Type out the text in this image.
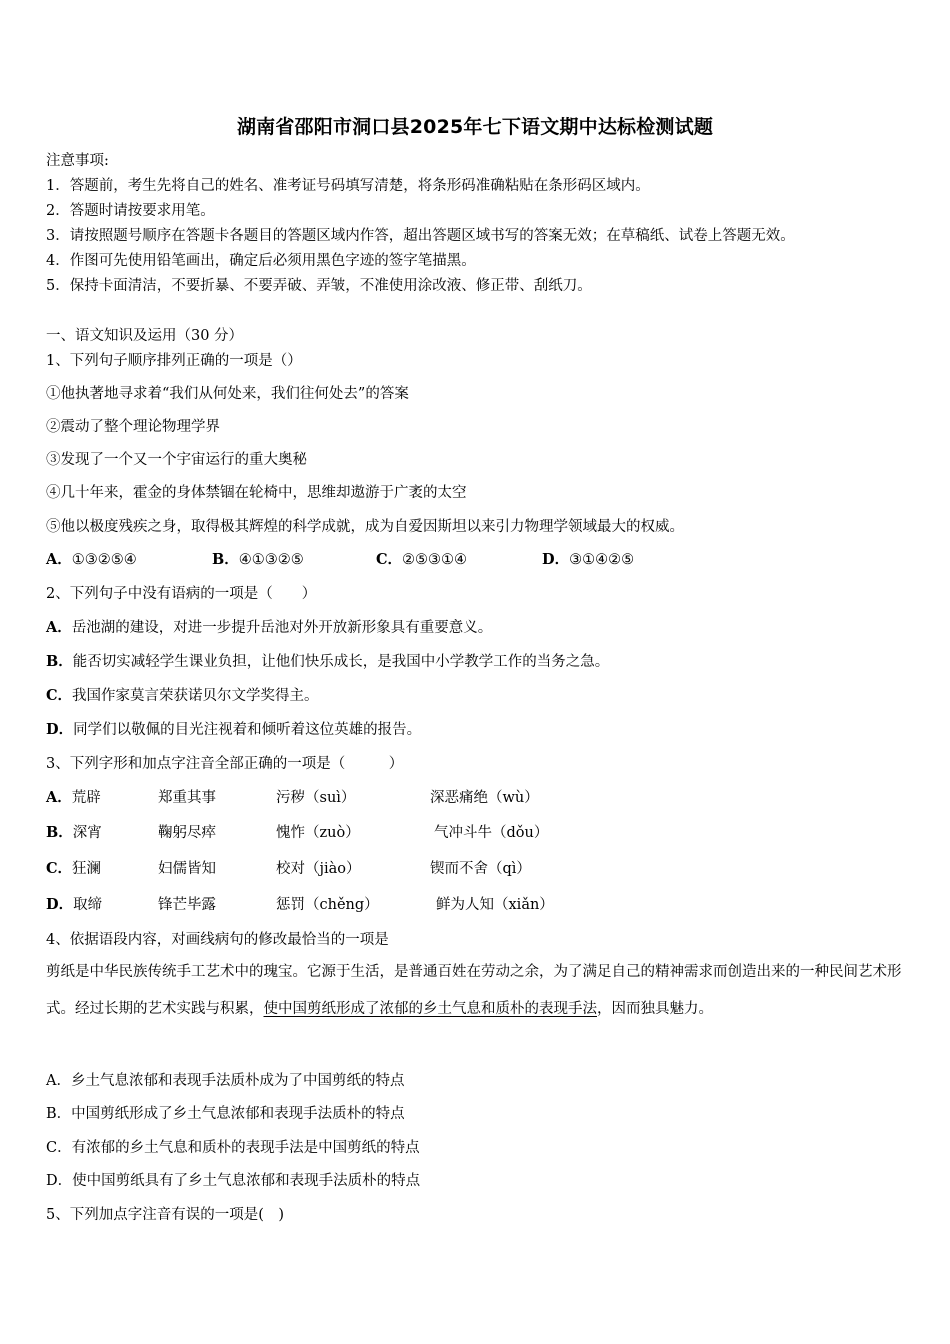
湖南省邵阳市洞口县2025年七下语文期中达标检测试题
注意事项:
1．答题前，考生先将自己的姓名、准考证号码填写清楚，将条形码准确粘贴在条形码区域内。
2．答题时请按要求用笔。
3．请按照题号顺序在答题卡各题目的答题区域内作答，超出答题区域书写的答案无效；在草稿纸、试卷上答题无效。
4．作图可先使用铅笔画出，确定后必须用黑色字迹的签字笔描黑。
5．保持卡面清洁，不要折暴、不要弄破、弄皱，不准使用涂改液、修正带、刮纸刀。
一、语文知识及运用（30 分）
1、下列句子顺序排列正确的一项是（）
①他执著地寻求着“我们从何处来，我们往何处去”的答案
②震动了整个理论物理学界
③发现了一个又一个宇宙运行的重大奥秘
④几十年来，霍金的身体禁锢在轮椅中，思维却遨游于广袤的太空
⑤他以极度残疾之身，取得极其辉煌的科学成就，成为自爱因斯坦以来引力物理学领域最大的权威。
A．①③②⑤④	B．④①③②⑤	C．②⑤③①④	D．③①④②⑤
2、下列句子中没有语病的一项是（　　）
A．岳池湖的建设，对进一步提升岳池对外开放新形象具有重要意义。
B．能否切实减轻学生课业负担，让他们快乐成长，是我国中小学教学工作的当务之急。
C．我国作家莫言荣获诺贝尔文学奖得主。
D．同学们以敬佩的目光注视着和倾听着这位英雄的报告。
3、下列字形和加点字注音全部正确的一项是（　　　）
A．荒辟	郑重其事	污秽（suì）	深恶痛绝（wù）
B．深宵	鞠躬尽瘁	愧怍（zuò）	气冲斗牛（dǒu）
C．狂澜	妇儒皆知	校对（jiào）	锲而不舍（qì）
D．取缔	锋芒毕露	惩罚（chěng）	鲜为人知（xiǎn）
4、依据语段内容，对画线病句的修改最恰当的一项是
剪纸是中华民族传统手工艺术中的瑰宝。它源于生活，是普通百姓在劳动之余，为了满足自己的精神需求而创造出来的一种民间艺术形式。经过长期的艺术实践与积累，使中国剪纸形成了浓郁的乡土气息和质朴的表现手法，因而独具魅力。
A．乡土气息浓郁和表现手法质朴成为了中国剪纸的特点
B．中国剪纸形成了乡土气息浓郁和表现手法质朴的特点
C．有浓郁的乡土气息和质朴的表现手法是中国剪纸的特点
D．使中国剪纸具有了乡土气息浓郁和表现手法质朴的特点
5、下列加点字注音有误的一项是(　)
